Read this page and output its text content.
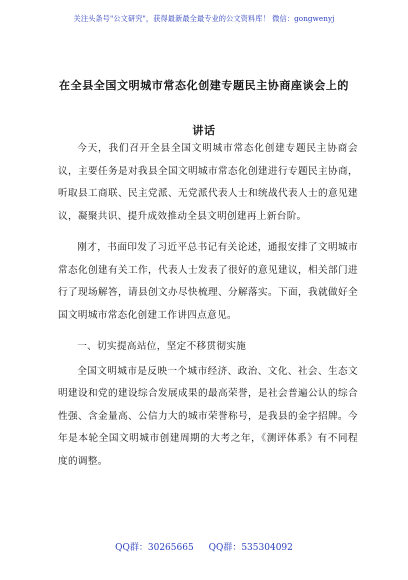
关注头条号"公文研究"，获得最新最全最专业的公文资料库！ 微信：gongwenyj
在全县全国文明城市常态化创建专题民主协商座谈会上的
讲话

今天，我们召开全县全国文明城市常态化创建专题民主协商会议，主要任务是对我县全国文明城市常态化创建进行专题民主协商，听取县工商联、民主党派、无党派代表人士和统战代表人士的意见建议，凝聚共识、提升成效推动全县文明创建再上新台阶。

刚才，书面印发了习近平总书记有关论述，通报安排了文明城市常态化创建有关工作，代表人士发表了很好的意见建议，相关部门进行了现场解答，请县创文办尽快梳理、分解落实。下面，我就做好全国文明城市常态化创建工作讲四点意见。

一、切实提高站位，坚定不移贯彻实施

全国文明城市是反映一个城市经济、政治、文化、社会、生态文明建设和党的建设综合发展成果的最高荣誉，是社会普遍公认的综合性强、含金量高、公信力大的城市荣誉称号，是我县的金字招牌。今年是本轮全国文明城市创建周期的大考之年，《测评体系》有不同程度的调整。

QQ群：30265665 QQ群：535304092
